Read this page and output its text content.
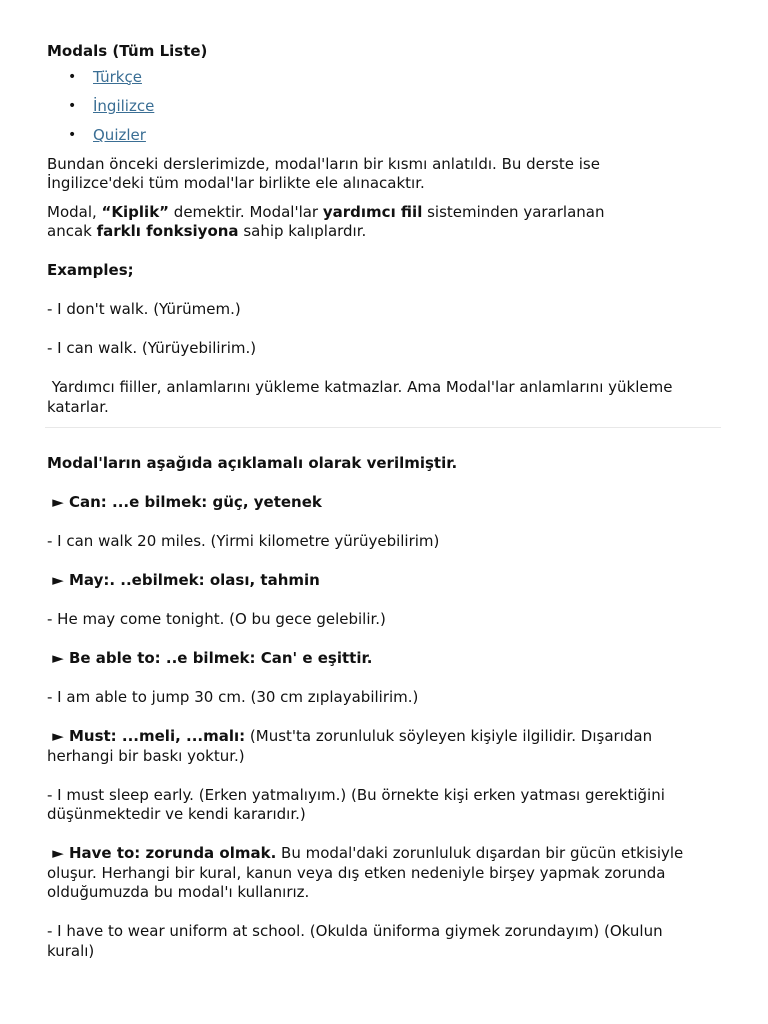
Modals (Tüm Liste)

• Türkçe
• İngilizce
• Quizler

Bundan önceki derslerimizde, modal'ların bir kısmı anlatıldı. Bu derste ise
İngilizce'deki tüm modal'lar birlikte ele alınacaktır.

Modal, “Kiplik” demektir. Modal'lar yardımcı fiil sisteminden yararlanan
ancak farklı fonksiyona sahip kalıplardır.

Examples;

- I don't walk. (Yürümem.)

- I can walk. (Yürüyebilirim.)

Yardımcı fiiller, anlamlarını yükleme katmazlar. Ama Modal'lar anlamlarını yükleme
katarlar.

Modal'ların aşağıda açıklamalı olarak verilmiştir.

► Can: ...e bilmek: güç, yetenek

- I can walk 20 miles. (Yirmi kilometre yürüyebilirim)

► May:. ..ebilmek: olası, tahmin

- He may come tonight. (O bu gece gelebilir.)

► Be able to: ..e bilmek: Can' e eşittir.

- I am able to jump 30 cm. (30 cm zıplayabilirim.)

► Must: ...meli, ...malı: (Must'ta zorunluluk söyleyen kişiyle ilgilidir. Dışarıdan
herhangi bir baskı yoktur.)

- I must sleep early. (Erken yatmalıyım.) (Bu örnekte kişi erken yatması gerektiğini
düşünmektedir ve kendi kararıdır.)

► Have to: zorunda olmak. Bu modal'daki zorunluluk dışardan bir gücün etkisiyle
oluşur. Herhangi bir kural, kanun veya dış etken nedeniyle birşey yapmak zorunda
olduğumuzda bu modal'ı kullanırız.

- I have to wear uniform at school. (Okulda üniforma giymek zorundayım) (Okulun
kuralı)
